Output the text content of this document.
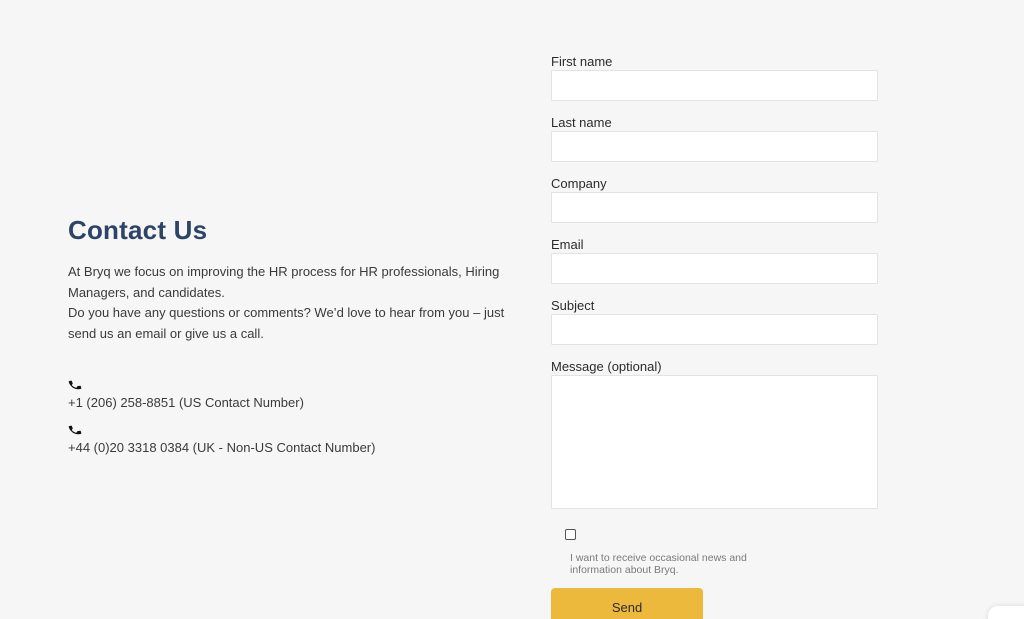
Contact Us

At Bryq we focus on improving the HR process for HR professionals, Hiring Managers, and candidates.

Do you have any questions or comments? We’d love to hear from you – just send us an email or give us a call.

+1 (206) 258-8851 (US Contact Number)
+44 (0)20 3318 0384 (UK - Non-US Contact Number)
First name
Last name
Company
Email
Subject
Message (optional)
I want to receive occasional news and information about Bryq.
Send
